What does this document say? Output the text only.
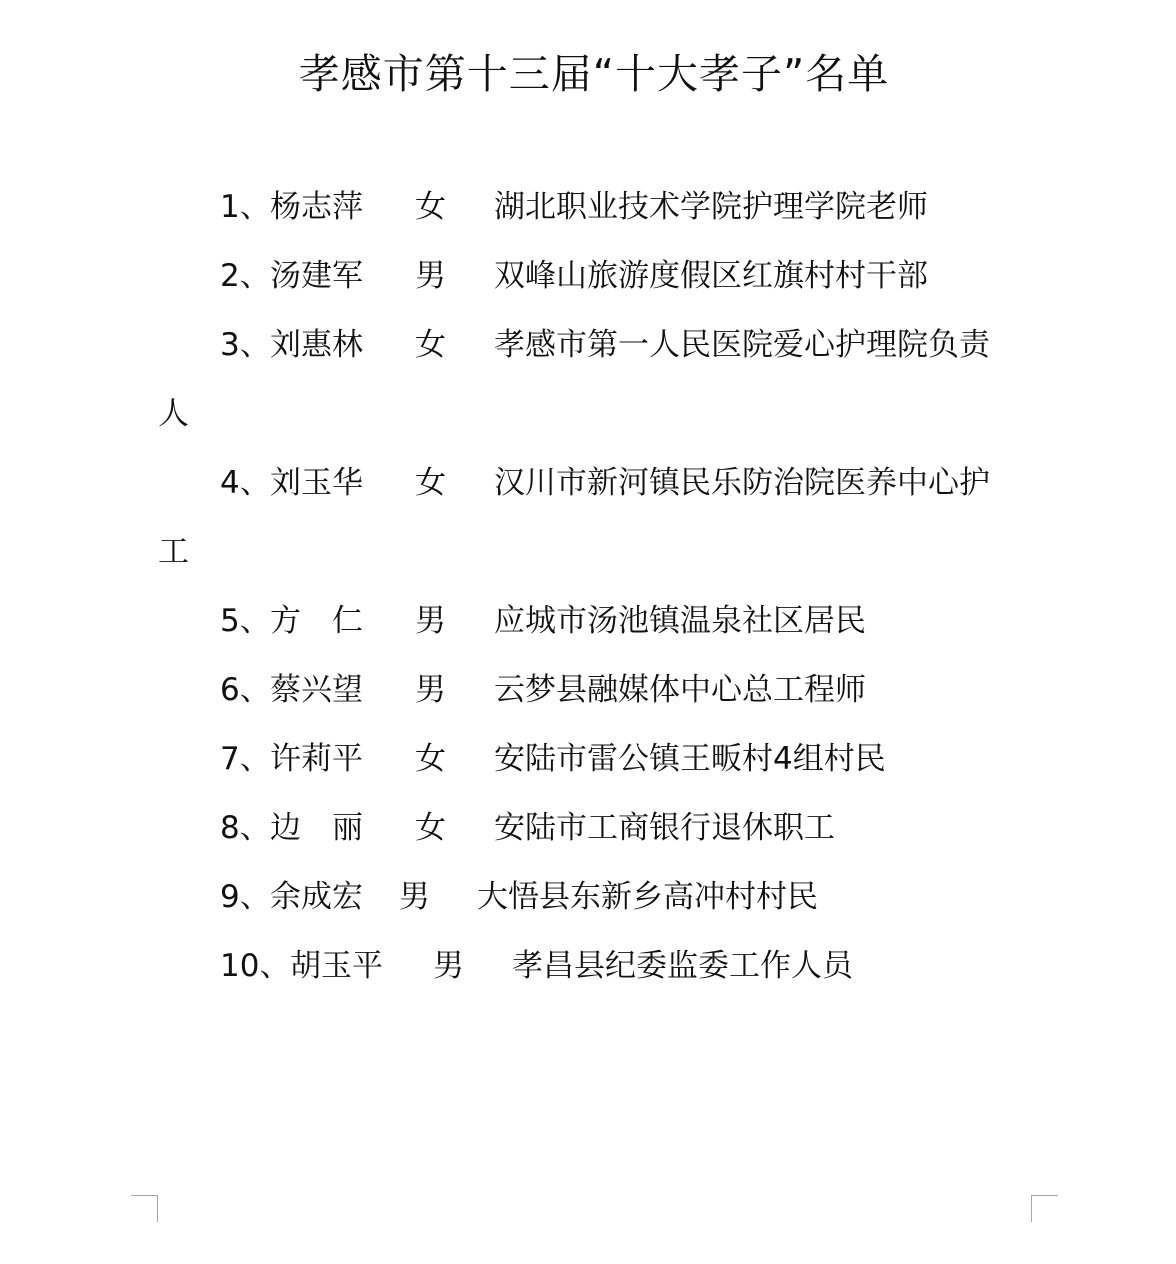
孝感市第十三届“十大孝子”名单
1、 杨志萍 女 湖北职业技术学院护理学院老师
2、 汤建军 男 双峰山旅游度假区红旗村村干部
3、 刘惠林 女 孝感市第一人民医院爱心护理院负责
人
4、 刘玉华 女 汉川市新河镇民乐防治院医养中心护
工
5、 方　仁 男 应城市汤池镇温泉社区居民
6、 蔡兴望 男 云梦县融媒体中心总工程师
7、 许莉平 女 安陆市雷公镇王畈村4组村民
8、 边　丽 女 安陆市工商银行退休职工
9、 余成宏 男 大悟县东新乡高冲村村民
10、 胡玉平 男 孝昌县纪委监委工作人员
